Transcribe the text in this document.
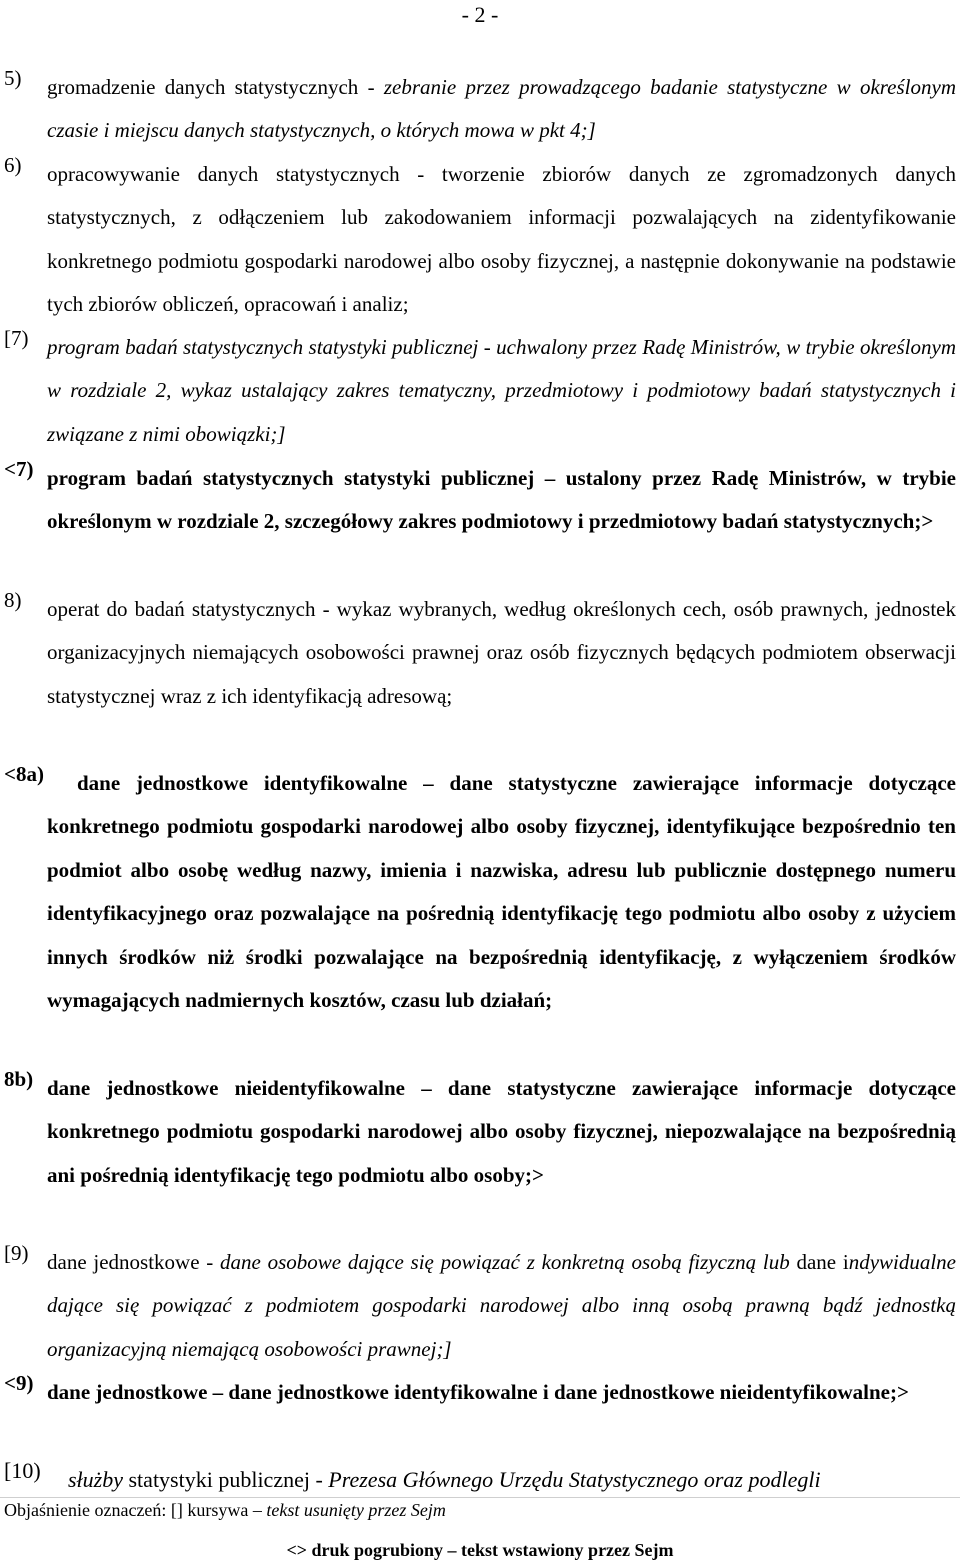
- 2 -
5) gromadzenie danych statystycznych - zebranie przez prowadzącego badanie statystyczne w określonym czasie i miejscu danych statystycznych, o których mowa w pkt 4;]
6) opracowywanie danych statystycznych - tworzenie zbiorów danych ze zgromadzonych danych statystycznych, z odłączeniem lub zakodowaniem informacji pozwalających na zidentyfikowanie konkretnego podmiotu gospodarki narodowej albo osoby fizycznej, a następnie dokonywanie na podstawie tych zbiorów obliczeń, opracowań i analiz;
[7) program badań statystycznych statystyki publicznej - uchwalony przez Radę Ministrów, w trybie określonym w rozdziale 2, wykaz ustalający zakres tematyczny, przedmiotowy i podmiotowy badań statystycznych i związane z nimi obowiązki;]
<7) program badań statystycznych statystyki publicznej – ustalony przez Radę Ministrów, w trybie określonym w rozdziale 2, szczegółowy zakres podmiotowy i przedmiotowy badań statystycznych;>
8) operat do badań statystycznych - wykaz wybranych, według określonych cech, osób prawnych, jednostek organizacyjnych niemających osobowości prawnej oraz osób fizycznych będących podmiotem obserwacji statystycznej wraz z ich identyfikacją adresową;
<8a)	dane jednostkowe identyfikowalne – dane statystyczne zawierające informacje dotyczące konkretnego podmiotu gospodarki narodowej albo osoby fizycznej, identyfikujące bezpośrednio ten podmiot albo osobę według nazwy, imienia i nazwiska, adresu lub publicznie dostępnego numeru identyfikacyjnego oraz pozwalające na pośrednią identyfikację tego podmiotu albo osoby z użyciem innych środków niż środki pozwalające na bezpośrednią identyfikację, z wyłączeniem środków wymagających nadmiernych kosztów, czasu lub działań;
8b) dane jednostkowe nieidentyfikowalne – dane statystyczne zawierające informacje dotyczące konkretnego podmiotu gospodarki narodowej albo osoby fizycznej, niepozwalające na bezpośrednią ani pośrednią identyfikację tego podmiotu albo osoby;>
[9) dane jednostkowe - dane osobowe dające się powiązać z konkretną osobą fizyczną lub dane indywidualne dające się powiązać z podmiotem gospodarki narodowej albo inną osobą prawną bądź jednostką organizacyjną niemającą osobowości prawnej;]
<9) dane jednostkowe – dane jednostkowe identyfikowalne i dane jednostkowe nieidentyfikowalne;>
[10) służby statystyki publicznej - Prezesa Głównego Urzędu Statystycznego oraz podlegli
Objaśnienie oznaczeń: [] kursywa – tekst usunięty przez Sejm
<> druk pogrubiony – tekst wstawiony przez Sejm
